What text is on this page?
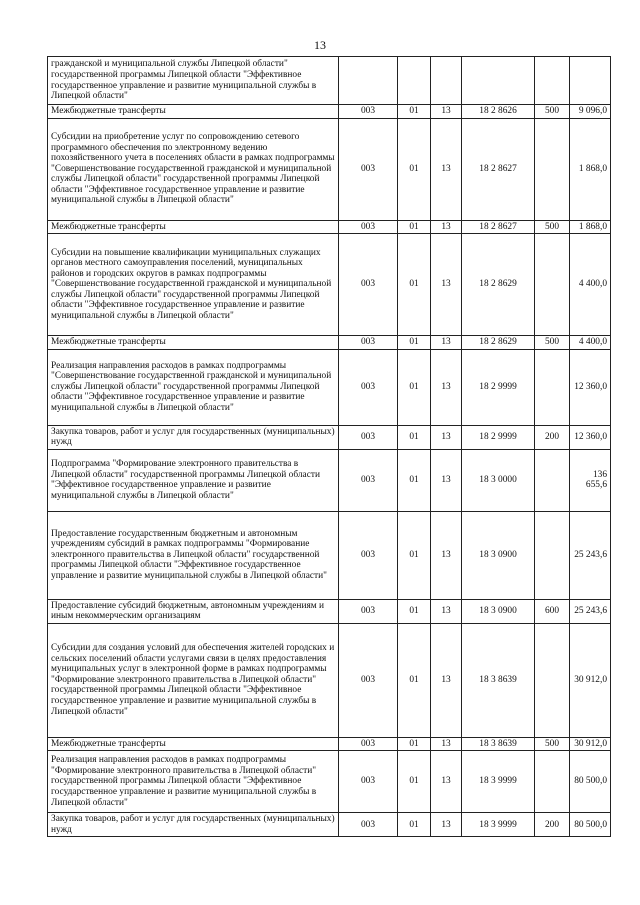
13
гражданской и муниципальной службы Липецкой области" государственной программы Липецкой области "Эффективное государственное управление и развитие муниципальной службы в Липецкой области"						
Межбюджетные трансферты	003	01	13	18 2 8626	500	9 096,0
Субсидии на приобретение услуг по сопровождению сетевого программного обеспечения по электронному ведению похозяйственного учета в поселениях области в рамках подпрограммы "Совершенствование государственной гражданской и муниципальной службы Липецкой области" государственной программы Липецкой области "Эффективное государственное управление и развитие муниципальной службы в Липецкой области"	003	01	13	18 2 8627		1 868,0
Межбюджетные трансферты	003	01	13	18 2 8627	500	1 868,0
Субсидии на повышение квалификации муниципальных служащих органов местного самоуправления поселений, муниципальных районов и городских округов в рамках подпрограммы "Совершенствование государственной гражданской и муниципальной службы Липецкой области" государственной программы Липецкой области "Эффективное государственное управление и развитие муниципальной службы в Липецкой области"	003	01	13	18 2 8629		4 400,0
Межбюджетные трансферты	003	01	13	18 2 8629	500	4 400,0
Реализация направления расходов в рамках подпрограммы "Совершенствование государственной гражданской и муниципальной службы Липецкой области" государственной программы Липецкой области "Эффективное государственное управление и развитие муниципальной службы в Липецкой области"	003	01	13	18 2 9999		12 360,0
Закупка товаров, работ и услуг для государственных (муниципальных) нужд	003	01	13	18 2 9999	200	12 360,0
Подпрограмма "Формирование электронного правительства в Липецкой области" государственной программы Липецкой области "Эффективное государственное управление и развитие муниципальной службы в Липецкой области"	003	01	13	18 3 0000		136 655,6
Предоставление государственным бюджетным и автономным учреждениям субсидий в рамках подпрограммы "Формирование электронного правительства в Липецкой области" государственной программы Липецкой области "Эффективное государственное управление и развитие муниципальной службы в Липецкой области"	003	01	13	18 3 0900		25 243,6
Предоставление субсидий бюджетным, автономным учреждениям и иным некоммерческим организациям	003	01	13	18 3 0900	600	25 243,6
Субсидии для создания условий для обеспечения жителей городских и сельских поселений области услугами связи в целях предоставления муниципальных услуг в электронной форме в рамках подпрограммы "Формирование электронного правительства в Липецкой области" государственной программы Липецкой области "Эффективное государственное управление и развитие муниципальной службы в Липецкой области"	003	01	13	18 3 8639		30 912,0
Межбюджетные трансферты	003	01	13	18 3 8639	500	30 912,0
Реализация направления расходов в рамках подпрограммы "Формирование электронного правительства в Липецкой области" государственной программы Липецкой области "Эффективное государственное управление и развитие муниципальной службы в Липецкой области"	003	01	13	18 3 9999		80 500,0
Закупка товаров, работ и услуг для государственных (муниципальных) нужд	003	01	13	18 3 9999	200	80 500,0
